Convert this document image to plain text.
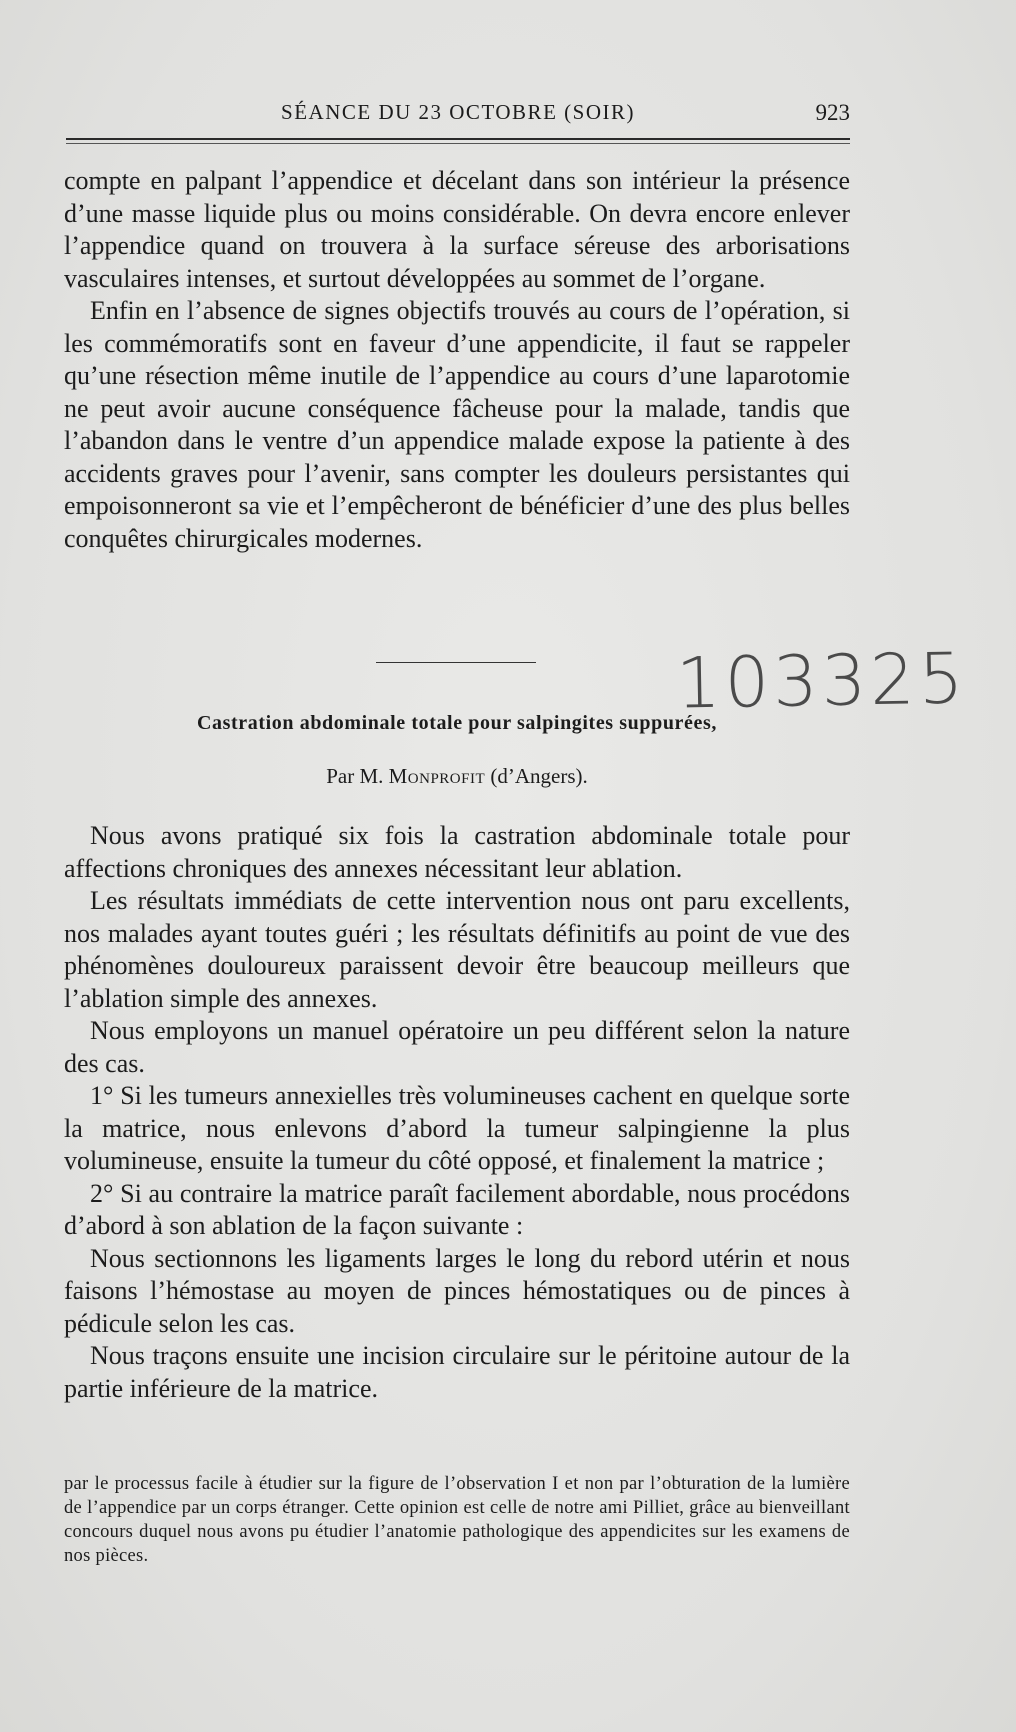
SÉANCE DU 23 OCTOBRE (SOIR)	923

compte en palpant l’appendice et décelant dans son intérieur la présence d’une masse liquide plus ou moins considérable. On devra encore enlever l’appendice quand on trouvera à la surface séreuse des arborisations vasculaires intenses, et surtout développées au sommet de l’organe.

Enfin en l’absence de signes objectifs trouvés au cours de l’opération, si les commémoratifs sont en faveur d’une appendicite, il faut se rappeler qu’une résection même inutile de l’appendice au cours d’une laparotomie ne peut avoir aucune conséquence fâcheuse pour la malade, tandis que l’abandon dans le ventre d’un appendice malade expose la patiente à des accidents graves pour l’avenir, sans compter les douleurs persistantes qui empoisonneront sa vie et l’empêcheront de bénéficier d’une des plus belles conquêtes chirurgicales modernes.

103325
Castration abdominale totale pour salpingites suppurées,
Par M. Monprofit (d’Angers).

Nous avons pratiqué six fois la castration abdominale totale pour affections chroniques des annexes nécessitant leur ablation.

Les résultats immédiats de cette intervention nous ont paru excellents, nos malades ayant toutes guéri ; les résultats définitifs au point de vue des phénomènes douloureux paraissent devoir être beaucoup meilleurs que l’ablation simple des annexes.

Nous employons un manuel opératoire un peu différent selon la nature des cas.

1° Si les tumeurs annexielles très volumineuses cachent en quelque sorte la matrice, nous enlevons d’abord la tumeur salpingienne la plus volumineuse, ensuite la tumeur du côté opposé, et finalement la matrice ;

2° Si au contraire la matrice paraît facilement abordable, nous procédons d’abord à son ablation de la façon suivante :

Nous sectionnons les ligaments larges le long du rebord utérin et nous faisons l’hémostase au moyen de pinces hémostatiques ou de pinces à pédicule selon les cas.

Nous traçons ensuite une incision circulaire sur le péritoine autour de la partie inférieure de la matrice.

par le processus facile à étudier sur la figure de l’observation I et non par l’obturation de la lumière de l’appendice par un corps étranger. Cette opinion est celle de notre ami Pilliet, grâce au bienveillant concours duquel nous avons pu étudier l’anatomie pathologique des appendicites sur les examens de nos pièces.
